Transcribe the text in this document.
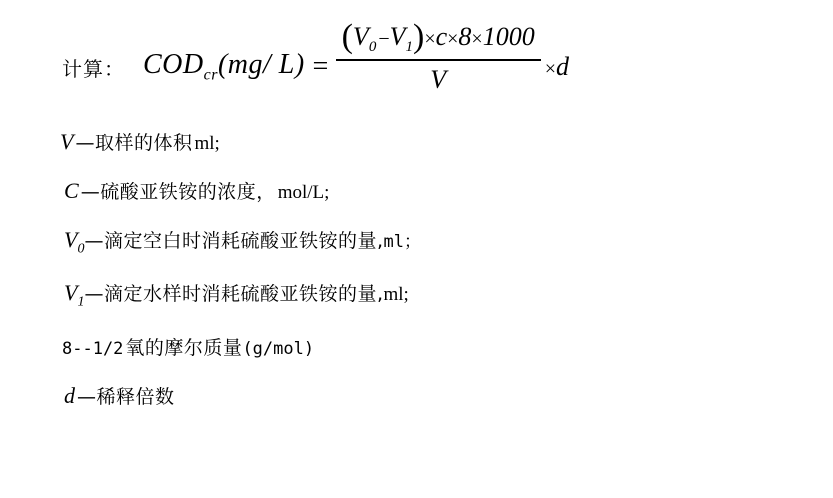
计算： $COD_{cr}(mg/$ $L) = \frac{(V_0 -V_1)\times c\times 8\times 1000}{V} \times d$
V —取样的体积 ml;
C —硫酸亚铁铵的浓度， mol/L;
$V_0$ —滴定空白时消耗硫酸亚铁铵的量, ml；
$V_1$ —滴定水样时消耗硫酸亚铁铵的量, ml;
8--1/2 氧的摩尔质量 (g/mol)
d —稀释倍数
